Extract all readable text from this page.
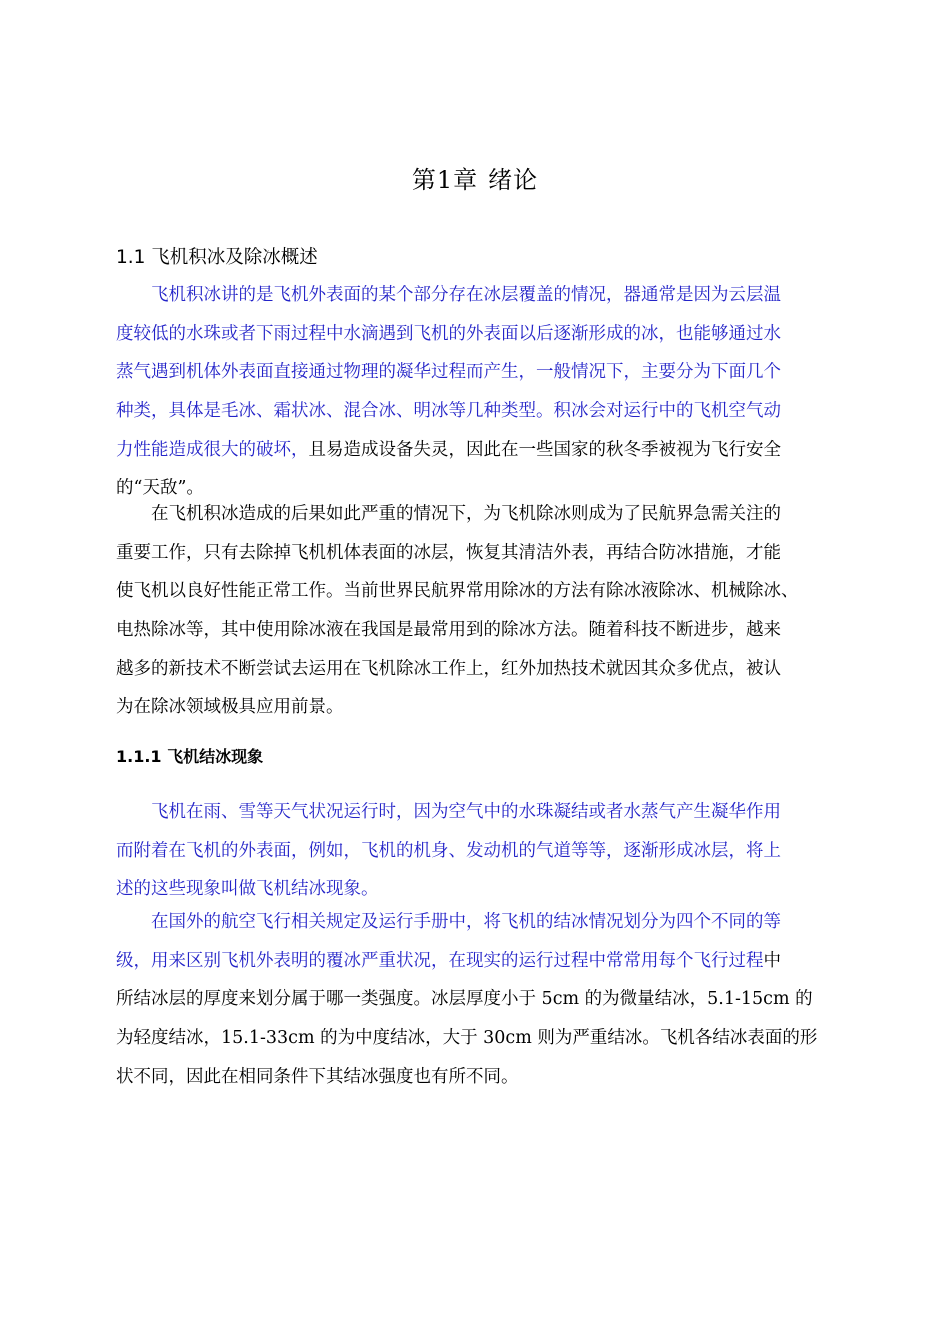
第1章 绪论
1.1 飞机积冰及除冰概述
飞机积冰讲的是飞机外表面的某个部分存在冰层覆盖的情况，器通常是因为云层温
度较低的水珠或者下雨过程中水滴遇到飞机的外表面以后逐渐形成的冰，也能够通过水
蒸气遇到机体外表面直接通过物理的凝华过程而产生，一般情况下，主要分为下面几个
种类，具体是毛冰、霜状冰、混合冰、明冰等几种类型。积冰会对运行中的飞机空气动
力性能造成很大的破坏，且易造成设备失灵，因此在一些国家的秋冬季被视为飞行安全
的“天敌”。
在飞机积冰造成的后果如此严重的情况下，为飞机除冰则成为了民航界急需关注的
重要工作，只有去除掉飞机机体表面的冰层，恢复其清洁外表，再结合防冰措施，才能
使飞机以良好性能正常工作。当前世界民航界常用除冰的方法有除冰液除冰、机械除冰、
电热除冰等，其中使用除冰液在我国是最常用到的除冰方法。随着科技不断进步，越来
越多的新技术不断尝试去运用在飞机除冰工作上，红外加热技术就因其众多优点，被认
为在除冰领域极具应用前景。
1.1.1 飞机结冰现象
飞机在雨、雪等天气状况运行时，因为空气中的水珠凝结或者水蒸气产生凝华作用
而附着在飞机的外表面，例如，飞机的机身、发动机的气道等等，逐渐形成冰层，将上
述的这些现象叫做飞机结冰现象。
在国外的航空飞行相关规定及运行手册中，将飞机的结冰情况划分为四个不同的等
级，用来区别飞机外表明的覆冰严重状况，在现实的运行过程中常常用每个飞行过程中
所结冰层的厚度来划分属于哪一类强度。冰层厚度小于 5cm 的为微量结冰，5.1-15cm 的
为轻度结冰，15.1-33cm 的为中度结冰，大于 30cm 则为严重结冰。飞机各结冰表面的形
状不同，因此在相同条件下其结冰强度也有所不同。
